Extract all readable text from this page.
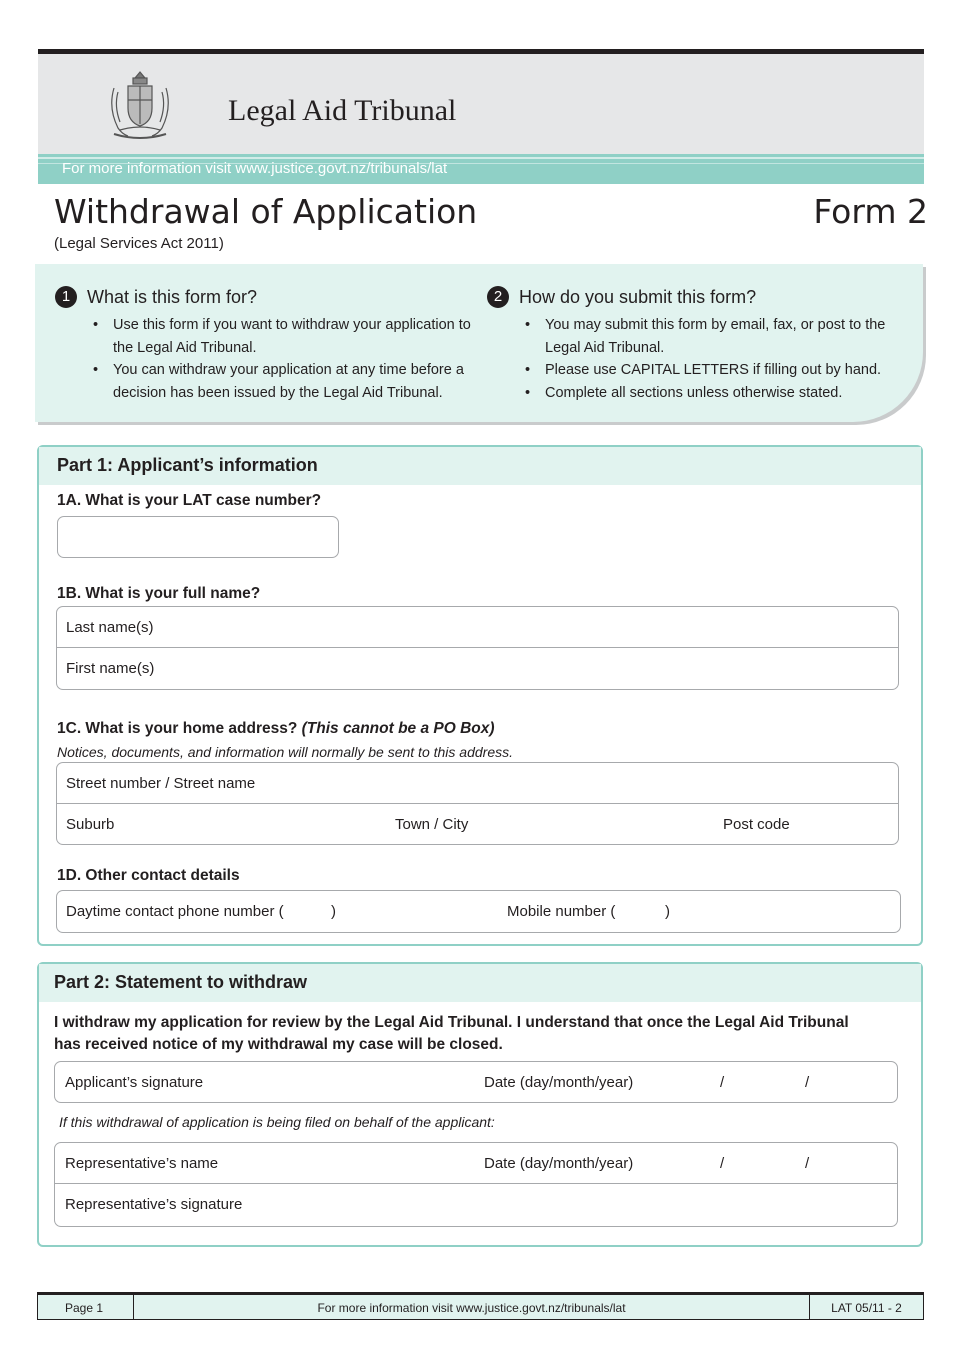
Legal Aid Tribunal
For more information visit www.justice.govt.nz/tribunals/lat
Withdrawal of Application
(Legal Services Act 2011)
Form 2
1 What is this form for?
• Use this form if you want to withdraw your application to the Legal Aid Tribunal.
• You can withdraw your application at any time before a decision has been issued by the Legal Aid Tribunal.
2 How do you submit this form?
• You may submit this form by email, fax, or post to the Legal Aid Tribunal.
• Please use CAPITAL LETTERS if filling out by hand.
• Complete all sections unless otherwise stated.
Part 1: Applicant’s information
1A. What is your LAT case number?
1B. What is your full name?
Last name(s)
First name(s)
1C. What is your home address? (This cannot be a PO Box)
Notices, documents, and information will normally be sent to this address.
Street number / Street name
Suburb	Town / City	Post code
1D. Other contact details
Daytime contact phone number (	)	Mobile number (	)
Part 2: Statement to withdraw
I withdraw my application for review by the Legal Aid Tribunal. I understand that once the Legal Aid Tribunal has received notice of my withdrawal my case will be closed.
Applicant’s signature	Date (day/month/year)	/	/
If this withdrawal of application is being filed on behalf of the applicant:
Representative’s name	Date (day/month/year)	/	/
Representative’s signature
Page 1	For more information visit www.justice.govt.nz/tribunals/lat	LAT 05/11 - 2
